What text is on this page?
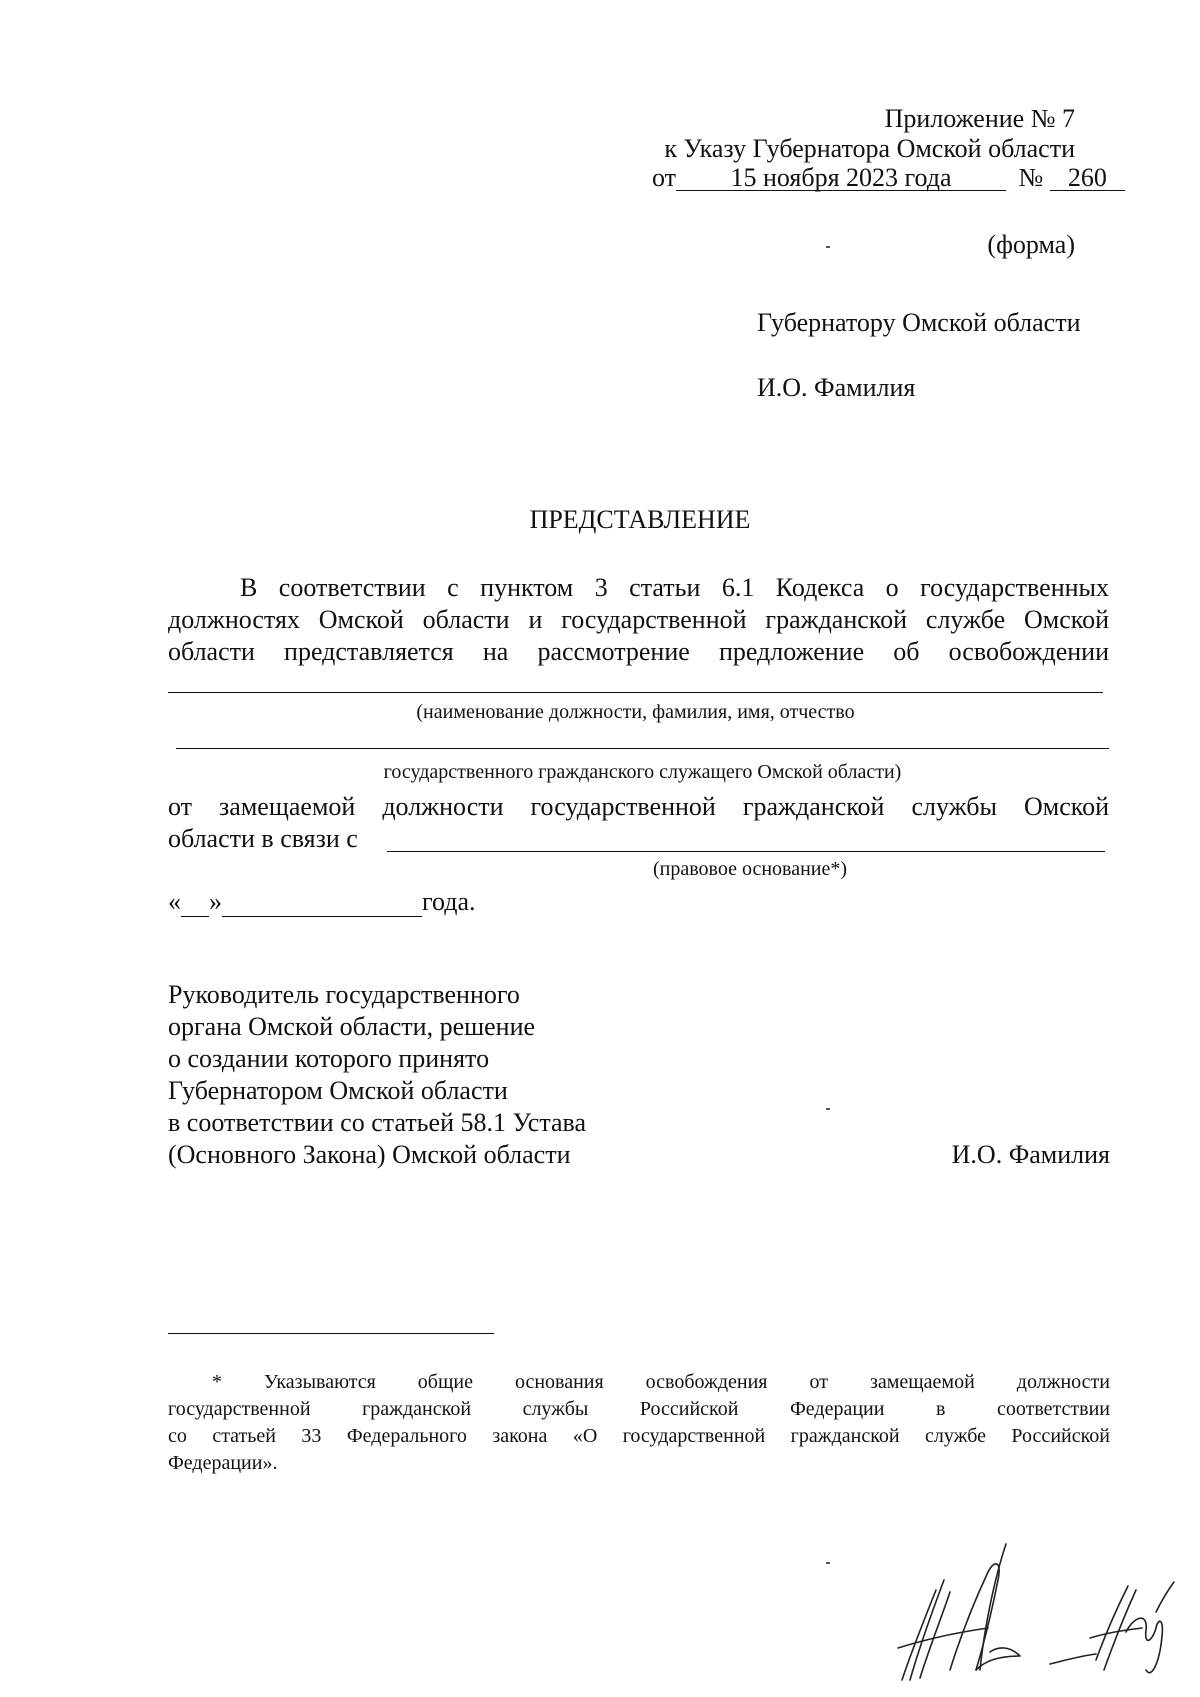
Приложение № 7
к Указу Губернатора Омской области
от 15 ноября 2023 года	№ 260
(форма)
Губернатору Омской области
И.О. Фамилия
ПРЕДСТАВЛЕНИЕ
В соответствии с пунктом 3 статьи 6.1 Кодекса о государственных
должностях Омской области и государственной гражданской службе Омской
области представляется на рассмотрение предложение об освобождении
(наименование должности, фамилия, имя, отчество
государственного гражданского служащего Омской области)
от замещаемой должности государственной гражданской службы Омской
области в связи с
(правовое основание*)
« »	года.
Руководитель государственного
органа Омской области, решение
о создании которого принято
Губернатором Омской области
в соответствии со статьей 58.1 Устава
(Основного Закона) Омской области	И.О. Фамилия
* Указываются общие основания освобождения от замещаемой должности
государственной гражданской службы Российской Федерации в соответствии
со статьей 33 Федерального закона «О государственной гражданской службе Российской
Федерации».
